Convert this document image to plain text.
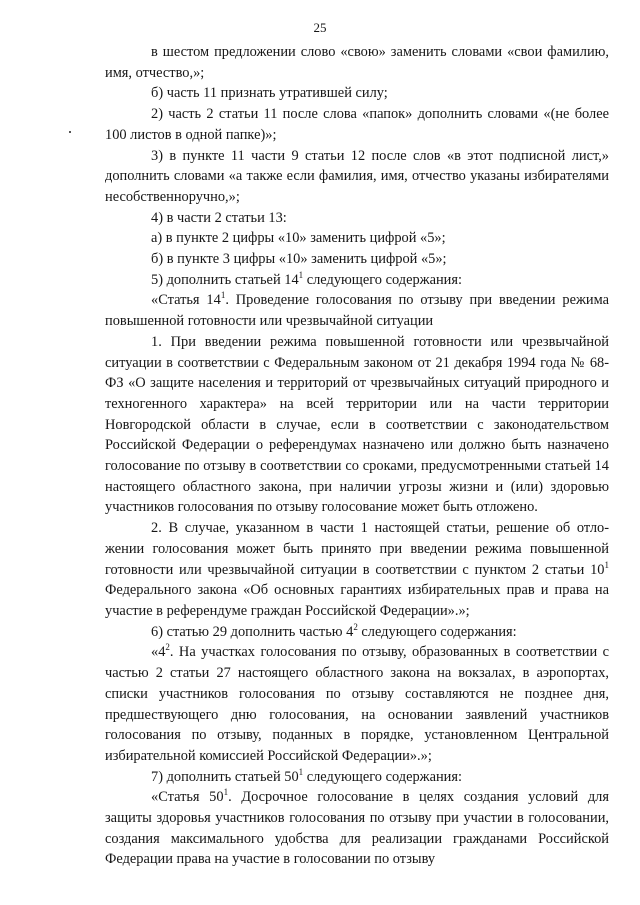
25

в шестом предложении слово «свою» заменить словами «свои фамилию, имя, отчество,»;

б) часть 11 признать утратившей силу;

2) часть 2 статьи 11 после слова «папок» дополнить словами «(не более 100 листов в одной папке)»;

3) в пункте 11 части 9 статьи 12 после слов «в этот подписной лист,» дополнить словами «а также если фамилия, имя, отчество указаны избирателями несобственноручно,»;

4) в части 2 статьи 13:

а) в пункте 2 цифры «10» заменить цифрой «5»;

б) в пункте 3 цифры «10» заменить цифрой «5»;

5) дополнить статьей $14^1$ следующего содержания:

«Статья $14^1$. Проведение голосования по отзыву при введении режима повышенной готовности или чрезвычайной ситуации

1. При введении режима повышенной готовности или чрезвычайной ситуации в соответствии с Федеральным законом от 21 декабря 1994 года № 68-ФЗ «О защите населения и территорий от чрезвычайных ситуаций природного и техногенного характера» на всей территории или на части территории Новгородской области в случае, если в соответствии с законодательством Российской Федерации о референдумах назначено или должно быть назначено голосование по отзыву в соответствии со сроками, предусмотренными статьей 14 настоящего областного закона, при наличии угрозы жизни и (или) здоровью участников голосования по отзыву голосование может быть отложено.

2. В случае, указанном в части 1 настоящей статьи, решение об отложении голосования может быть принято при введении режима повышенной готовности или чрезвычайной ситуации в соответствии с пунктом 2 статьи $10^1$ Федерального закона «Об основных гарантиях избирательных прав и права на участие в референдуме граждан Российской Федерации».»;

6) статью 29 дополнить частью $4^2$ следующего содержания:

«$4^2$. На участках голосования по отзыву, образованных в соответствии с частью 2 статьи 27 настоящего областного закона на вокзалах, в аэропортах, списки участников голосования по отзыву составляются не позднее дня, предшествующего дню голосования, на основании заявлений участников голосования по отзыву, поданных в порядке, установленном Центральной избирательной комиссией Российской Федерации».»;

7) дополнить статьей $50^1$ следующего содержания:

«Статья $50^1$. Досрочное голосование в целях создания условий для защиты здоровья участников голосования по отзыву при участии в голосовании, создания максимального удобства для реализации гражданами Российской Федерации права на участие в голосовании по отзыву
